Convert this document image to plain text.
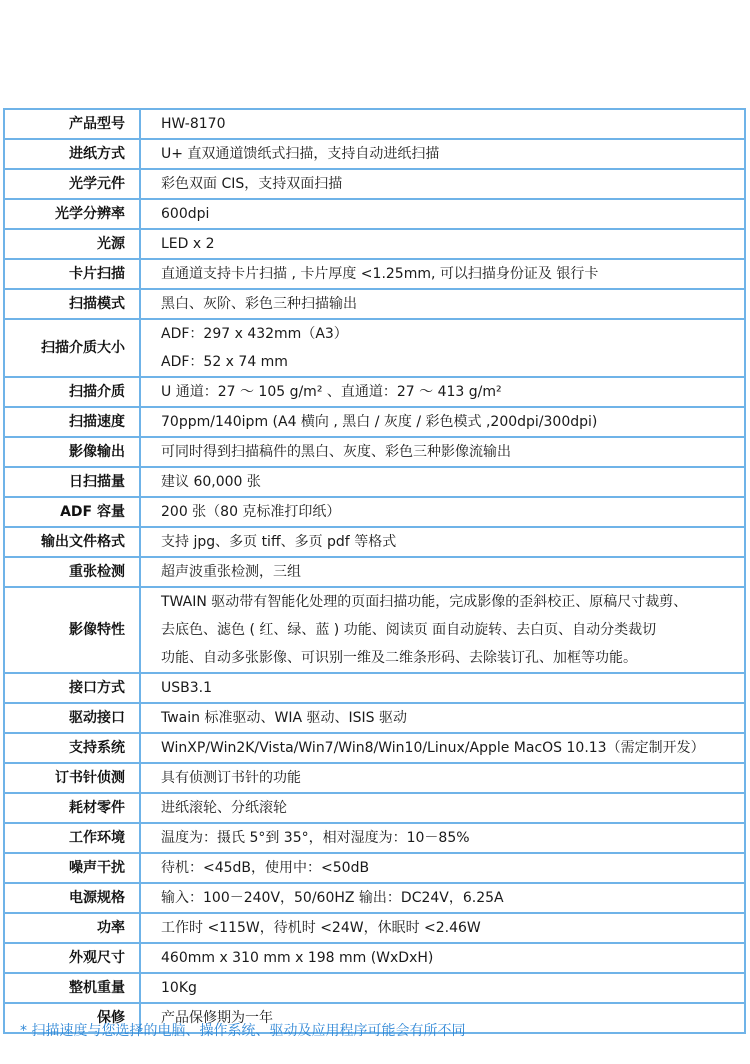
产品型号	HW-8170

进纸方式	U+ 直双通道馈纸式扫描，支持自动进纸扫描

光学元件	彩色双面 CIS，支持双面扫描

光学分辨率	600dpi

光源	LED x 2

卡片扫描	直通道支持卡片扫描 , 卡片厚度 <1.25mm, 可以扫描身份证及 银行卡

扫描模式	黑白、灰阶、彩色三种扫描输出

扫描介质大小	ADF：297 x 432mm（A3）
ADF：52 x 74 mm

扫描介质	U 通道：27 ～ 105 g/m² 、直通道：27 ～ 413 g/m²

扫描速度	70ppm/140ipm (A4 横向 , 黑白 / 灰度 / 彩色模式 ,200dpi/300dpi)

影像输出	可同时得到扫描稿件的黑白、灰度、彩色三种影像流输出

日扫描量	建议 60,000 张

ADF 容量	200 张（80 克标准打印纸）

输出文件格式	支持 jpg、多页 tiff、多页 pdf 等格式

重张检测	超声波重张检测，三组

影像特性	TWAIN 驱动带有智能化处理的页面扫描功能，完成影像的歪斜校正、原稿尺寸裁剪、
去底色、滤色 ( 红、绿、蓝 ) 功能、阅读页 面自动旋转、去白页、自动分类裁切
功能、自动多张影像、可识别一维及二维条形码、去除装订孔、加框等功能。

接口方式	USB3.1

驱动接口	Twain 标准驱动、WIA 驱动、ISIS 驱动

支持系统	WinXP/Win2K/Vista/Win7/Win8/Win10/Linux/Apple MacOS 10.13（需定制开发）

订书针侦测	具有侦测订书针的功能

耗材零件	进纸滚轮、分纸滚轮

工作环境	温度为：摄氏 5°到 35°，相对湿度为：10－85%

噪声干扰	待机：<45dB，使用中：<50dB

电源规格	输入：100－240V，50/60HZ 输出：DC24V，6.25A

功率	工作时 <115W，待机时 <24W，休眠时 <2.46W

外观尺寸	460mm x 310 mm x 198 mm (WxDxH)

整机重量	10Kg

保修	产品保修期为一年
* 扫描速度与您选择的电脑、操作系统、驱动及应用程序可能会有所不同
